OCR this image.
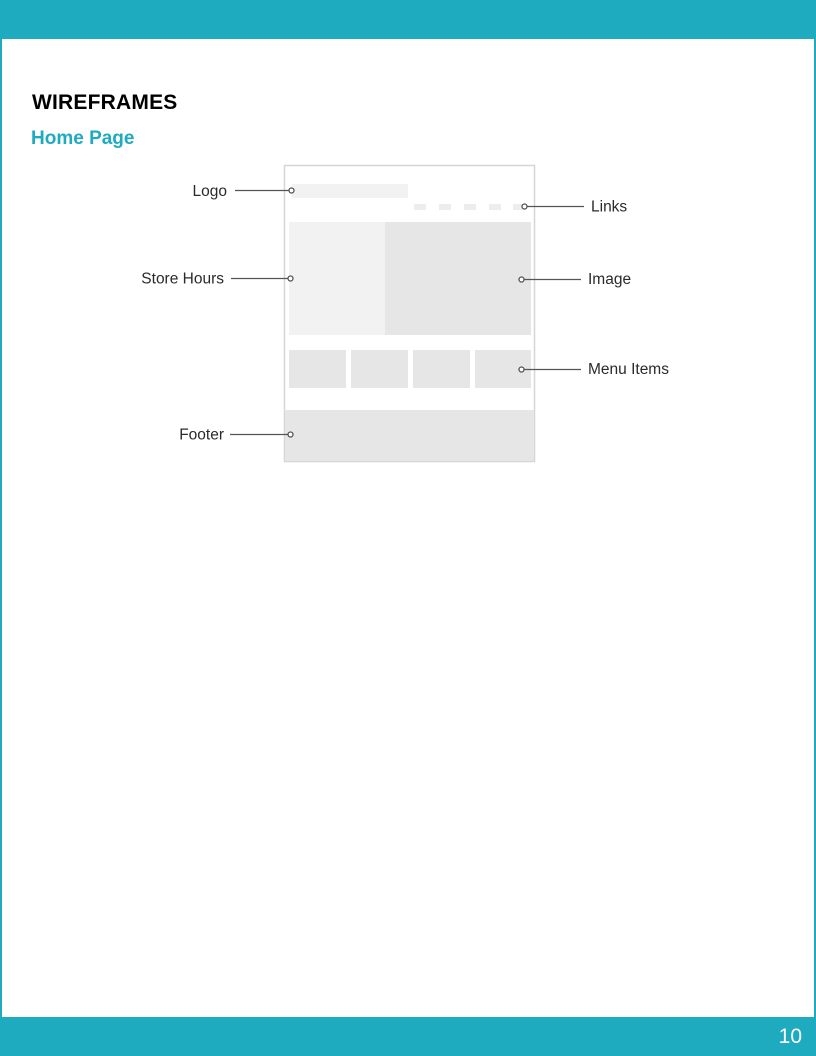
WIREFRAMES
Home Page
Logo
Links
Store Hours	Image
Menu Items
Footer
10
